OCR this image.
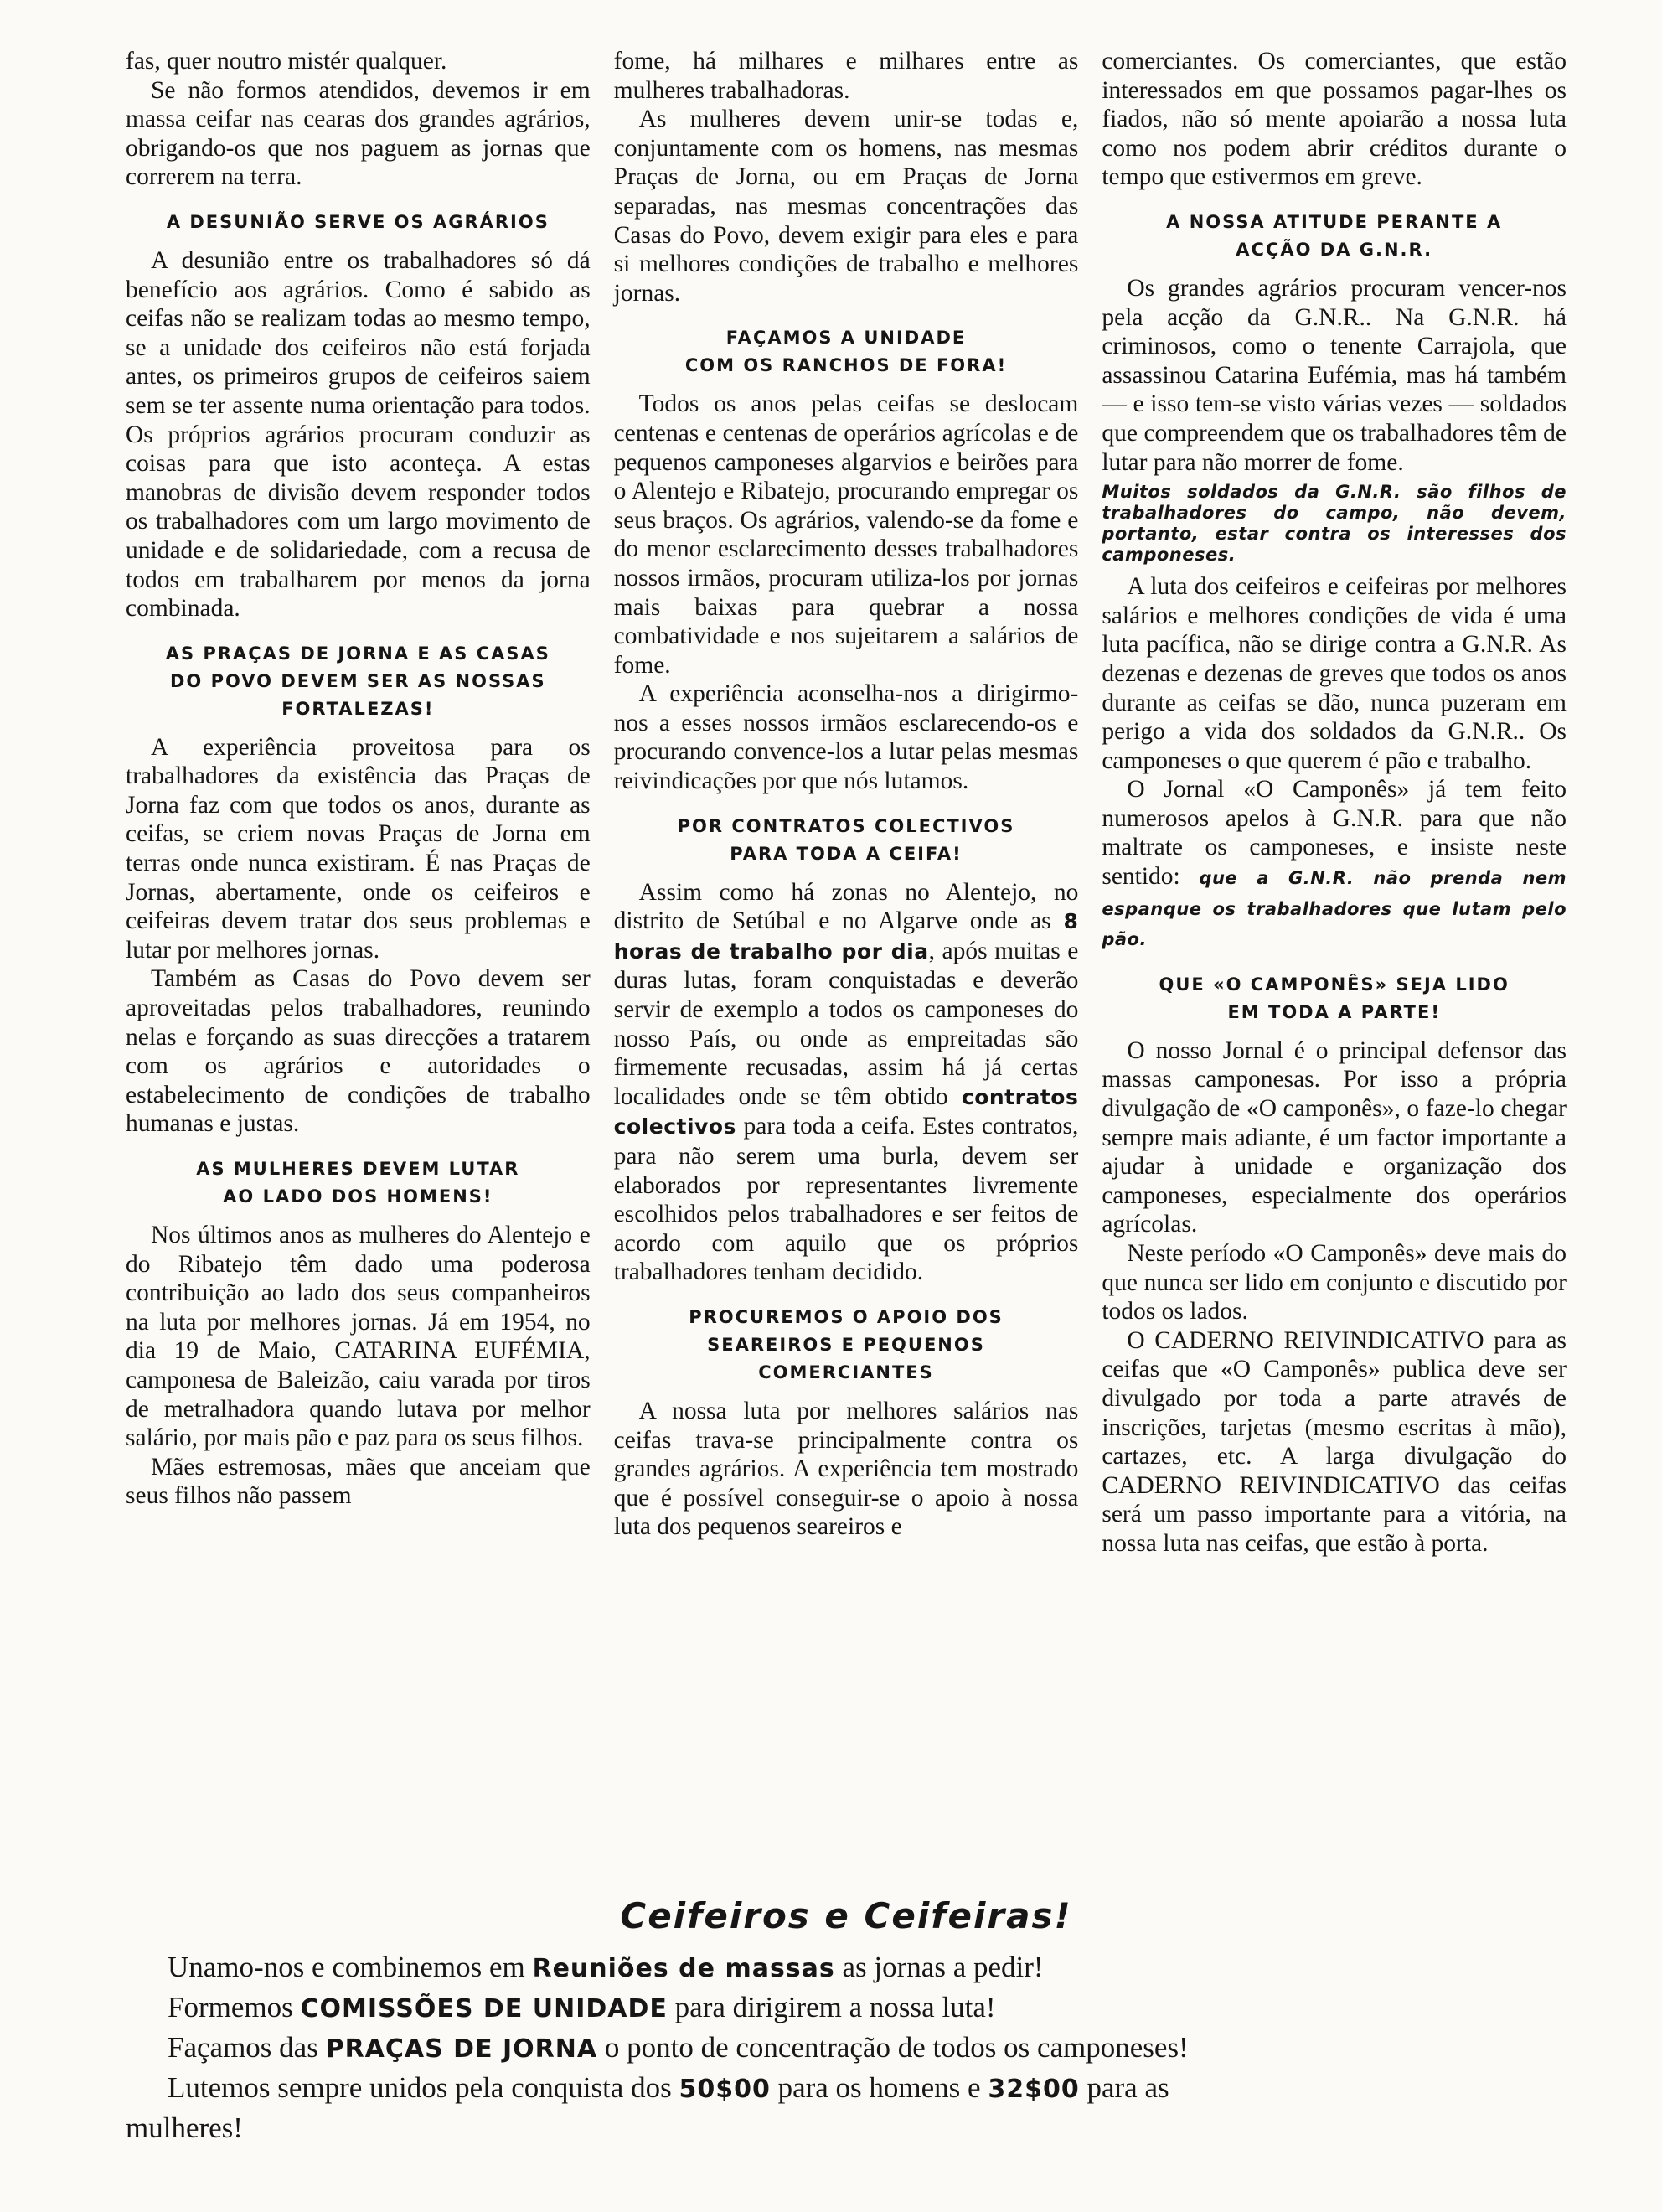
fas, quer noutro mistér qualquer.

Se não formos atendidos, devemos ir em massa ceifar nas cearas dos grandes agrários, obrigando-os que nos paguem as jornas que correrem na terra.

A DESUNIÃO SERVE OS AGRÁRIOS

A desunião entre os trabalhadores só dá benefício aos agrários. Como é sabido as ceifas não se realizam todas ao mesmo tempo, se a unidade dos ceifeiros não está forjada antes, os primeiros grupos de ceifeiros saiem sem se ter assente numa orientação para todos. Os próprios agrários procuram conduzir as coisas para que isto aconteça. A estas manobras de divisão devem responder todos os trabalhadores com um largo movimento de unidade e de solidariedade, com a recusa de todos em trabalharem por menos da jorna combinada.

AS PRAÇAS DE JORNA E AS CASAS
DO POVO DEVEM SER AS NOSSAS
FORTALEZAS!

A experiência proveitosa para os trabalhadores da existência das Praças de Jorna faz com que todos os anos, durante as ceifas, se criem novas Praças de Jorna em terras onde nunca existiram. É nas Praças de Jornas, abertamente, onde os ceifeiros e ceifeiras devem tratar dos seus problemas e lutar por melhores jornas.

Também as Casas do Povo devem ser aproveitadas pelos trabalhadores, reunindo nelas e forçando as suas direcções a tratarem com os agrários e autoridades o estabelecimento de condições de trabalho humanas e justas.

AS MULHERES DEVEM LUTAR
AO LADO DOS HOMENS!

Nos últimos anos as mulheres do Alentejo e do Ribatejo têm dado uma poderosa contribuição ao lado dos seus companheiros na luta por melhores jornas. Já em 1954, no dia 19 de Maio, CATARINA EUFÉMIA, camponesa de Baleizão, caiu varada por tiros de metralhadora quando lutava por melhor salário, por mais pão e paz para os seus filhos.

Mães estremosas, mães que anceiam que seus filhos não passem

fome, há milhares e milhares entre as mulheres trabalhadoras.

As mulheres devem unir-se todas e, conjuntamente com os homens, nas mesmas Praças de Jorna, ou em Praças de Jorna separadas, nas mesmas concentrações das Casas do Povo, devem exigir para eles e para si melhores condições de trabalho e melhores jornas.

FAÇAMOS A UNIDADE
COM OS RANCHOS DE FORA!

Todos os anos pelas ceifas se deslocam centenas e centenas de operários agrícolas e de pequenos camponeses algarvios e beirões para o Alentejo e Ribatejo, procurando empregar os seus braços. Os agrários, valendo-se da fome e do menor esclarecimento desses trabalhadores nossos irmãos, procuram utiliza-los por jornas mais baixas para quebrar a nossa combatividade e nos sujeitarem a salários de fome.

A experiência aconselha-nos a dirigirmo-nos a esses nossos irmãos esclarecendo-os e procurando convence-los a lutar pelas mesmas reivindicações por que nós lutamos.

POR CONTRATOS COLECTIVOS
PARA TODA A CEIFA!

Assim como há zonas no Alentejo, no distrito de Setúbal e no Algarve onde as 8 horas de trabalho por dia, após muitas e duras lutas, foram conquistadas e deverão servir de exemplo a todos os camponeses do nosso País, ou onde as empreitadas são firmemente recusadas, assim há já certas localidades onde se têm obtido contratos colectivos para toda a ceifa. Estes contratos, para não serem uma burla, devem ser elaborados por representantes livremente escolhidos pelos trabalhadores e ser feitos de acordo com aquilo que os próprios trabalhadores tenham decidido.

PROCUREMOS O APOIO DOS
SEAREIROS E PEQUENOS
COMERCIANTES

A nossa luta por melhores salários nas ceifas trava-se principalmente contra os grandes agrários. A experiência tem mostrado que é possível conseguir-se o apoio à nossa luta dos pequenos seareiros e

comerciantes. Os comerciantes, que estão interessados em que possamos pagar-lhes os fiados, não só mente apoiarão a nossa luta como nos podem abrir créditos durante o tempo que estivermos em greve.

A NOSSA ATITUDE PERANTE A
ACÇÃO DA G.N.R.

Os grandes agrários procuram vencer-nos pela acção da G.N.R.. Na G.N.R. há criminosos, como o tenente Carrajola, que assassinou Catarina Eufémia, mas há também — e isso tem-se visto várias vezes — soldados que compreendem que os trabalhadores têm de lutar para não morrer de fome.

Muitos soldados da G.N.R. são filhos de trabalhadores do campo, não devem, portanto, estar contra os interesses dos camponeses.

A luta dos ceifeiros e ceifeiras por melhores salários e melhores condições de vida é uma luta pacífica, não se dirige contra a G.N.R. As dezenas e dezenas de greves que todos os anos durante as ceifas se dão, nunca puzeram em perigo a vida dos soldados da G.N.R.. Os camponeses o que querem é pão e trabalho.

O Jornal «O Camponês» já tem feito numerosos apelos à G.N.R. para que não maltrate os camponeses, e insiste neste sentido: que a G.N.R. não prenda nem espanque os trabalhadores que lutam pelo pão.

QUE «O CAMPONÊS» SEJA LIDO
EM TODA A PARTE!

O nosso Jornal é o principal defensor das massas camponesas. Por isso a própria divulgação de «O camponês», o faze-lo chegar sempre mais adiante, é um factor importante a ajudar à unidade e organização dos camponeses, especialmente dos operários agrícolas.

Neste período «O Camponês» deve mais do que nunca ser lido em conjunto e discutido por todos os lados.

O CADERNO REIVINDICATIVO para as ceifas que «O Camponês» publica deve ser divulgado por toda a parte através de inscrições, tarjetas (mesmo escritas à mão), cartazes, etc. A larga divulgação do CADERNO REIVINDICATIVO das ceifas será um passo importante para a vitória, na nossa luta nas ceifas, que estão à porta.

Ceifeiros e Ceifeiras!

Unamo-nos e combinemos em Reuniões de massas as jornas a pedir!

Formemos COMISSÕES DE UNIDADE para dirigirem a nossa luta!

Façamos das PRAÇAS DE JORNA o ponto de concentração de todos os camponeses!

Lutemos sempre unidos pela conquista dos 50$00 para os homens e 32$00 para as

mulheres!
